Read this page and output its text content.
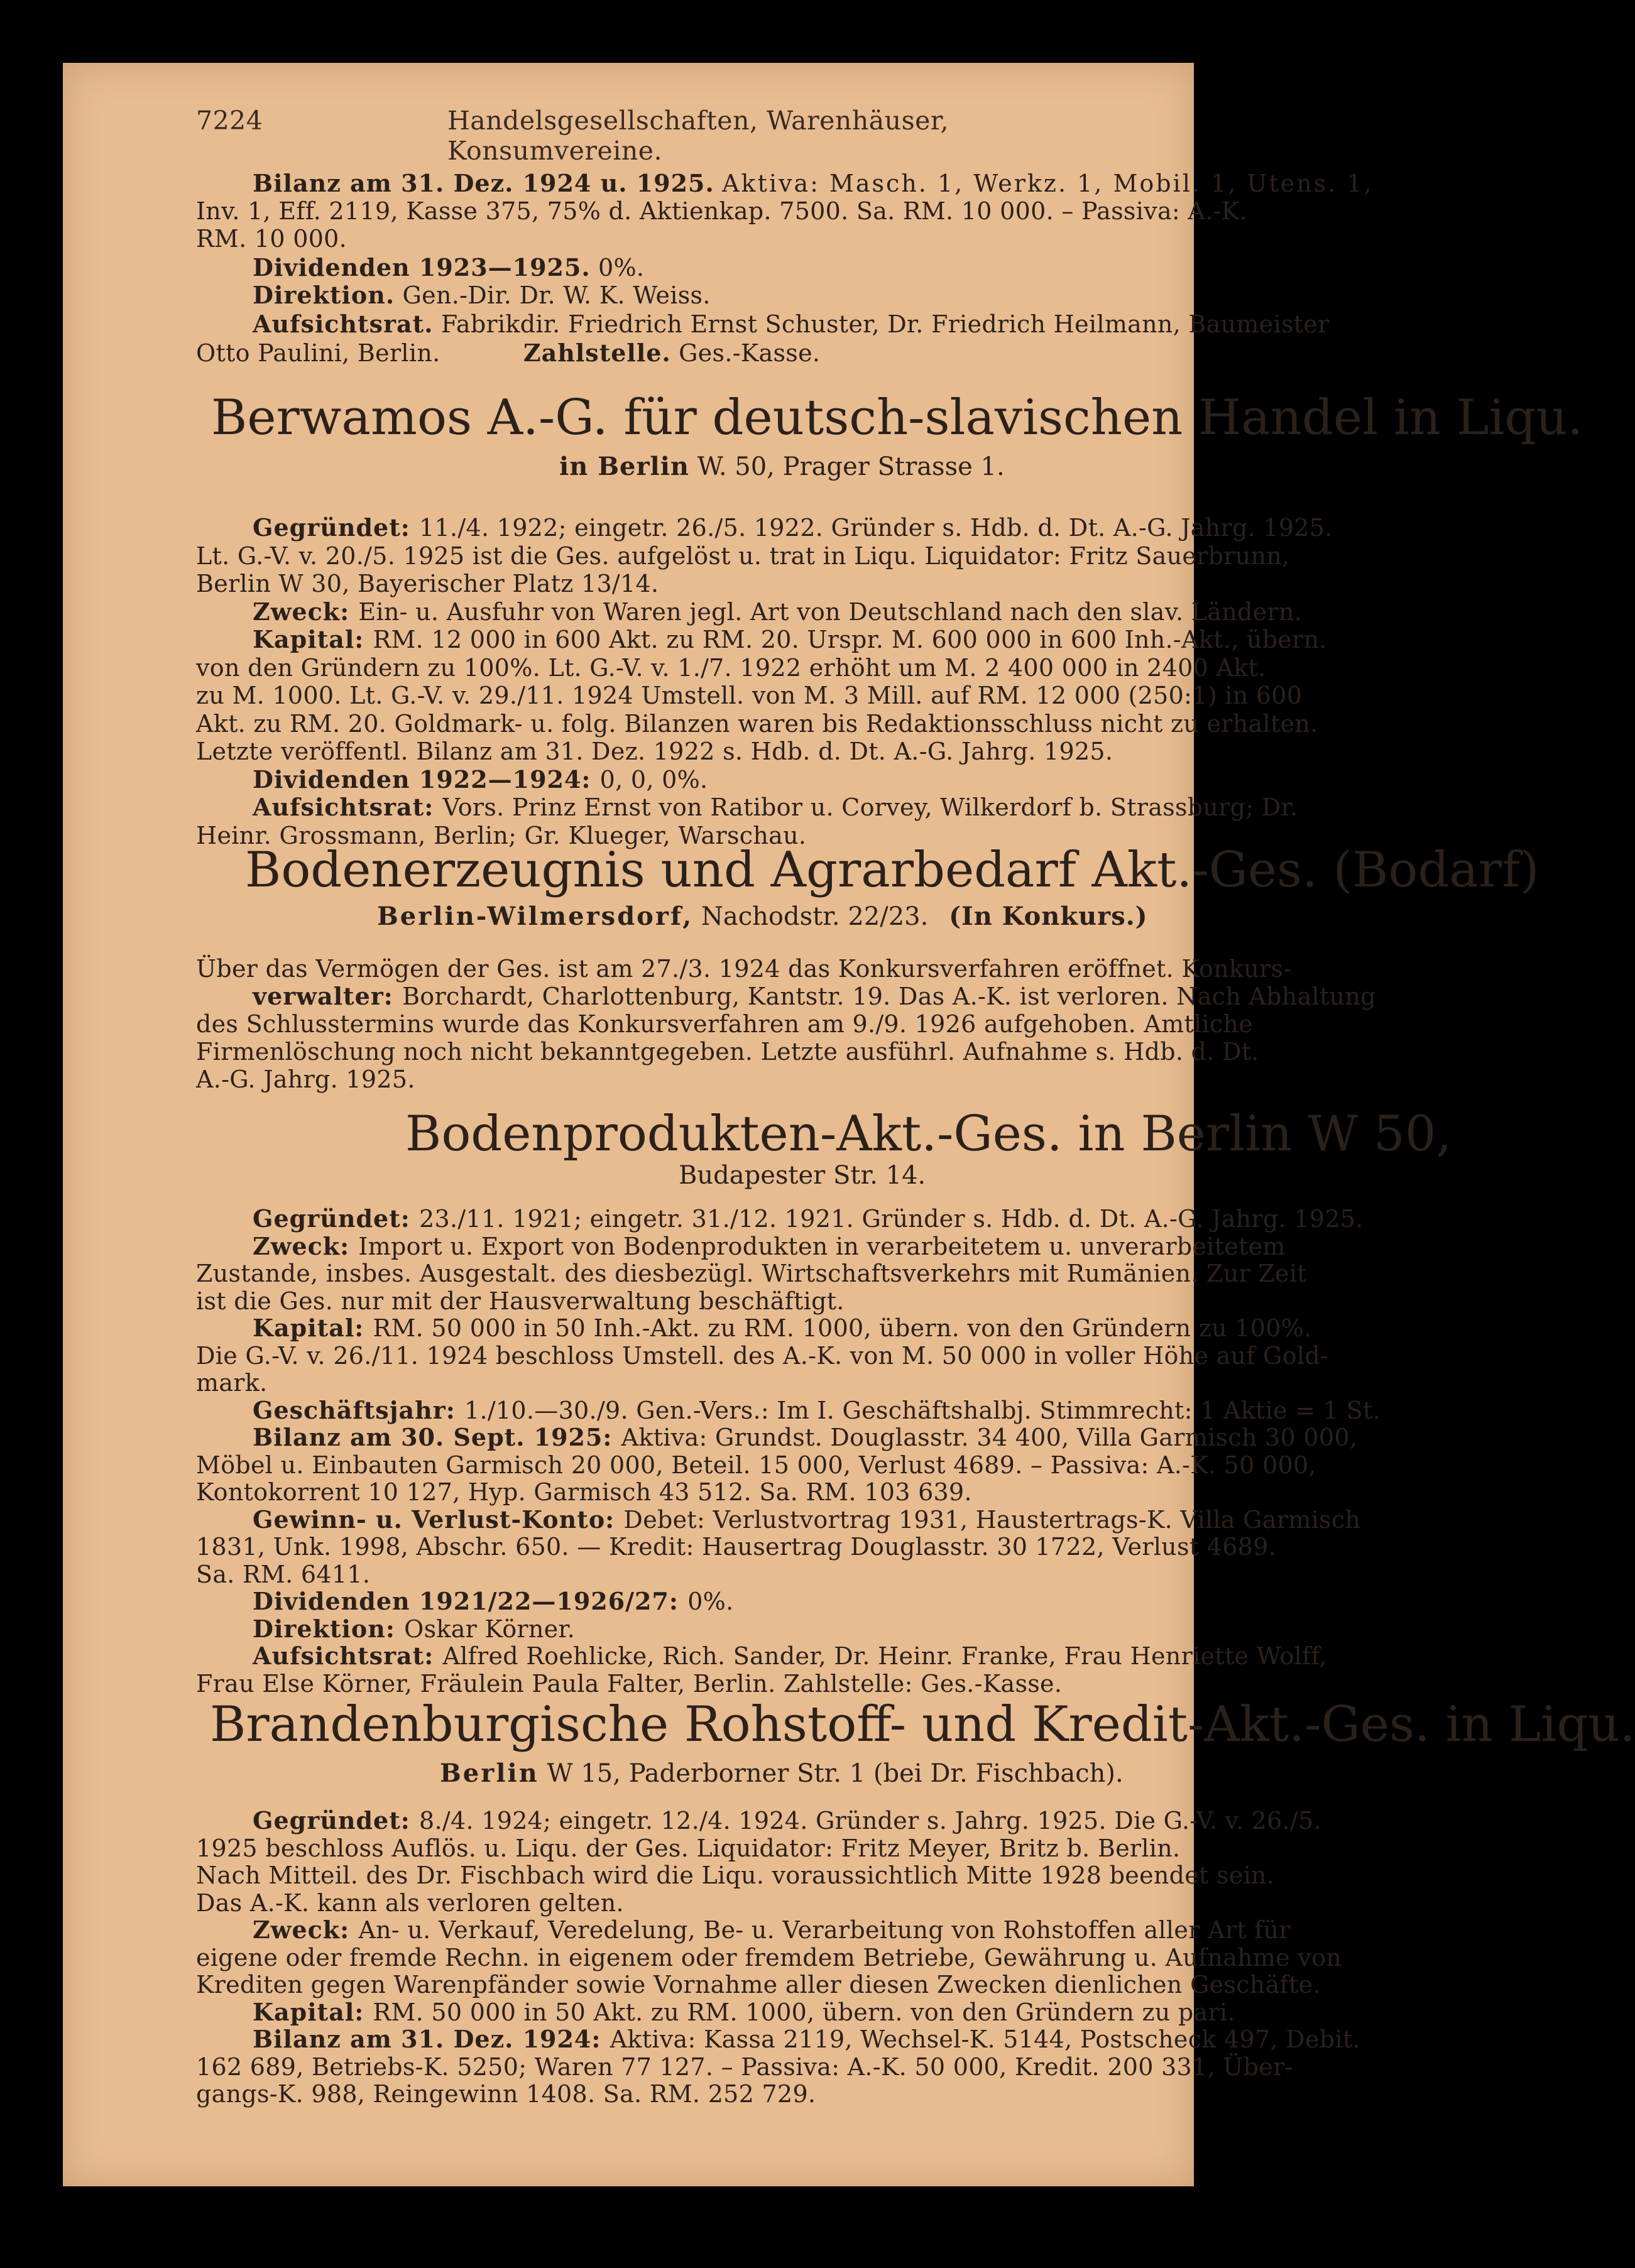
7224	Handelsgesellschaften, Warenhäuser, Konsumvereine.
Bilanz am 31. Dez. 1924 u. 1925. Aktiva: Masch. 1, Werkz. 1, Mobil. 1, Utens. 1,
Inv. 1, Eff. 2119, Kasse 375, 75% d. Aktienkap. 7500. Sa. RM. 10 000. – Passiva: A.-K.
RM. 10 000.
Dividenden 1923—1925. 0%.
Direktion. Gen.-Dir. Dr. W. K. Weiss.
Aufsichtsrat. Fabrikdir. Friedrich Ernst Schuster, Dr. Friedrich Heilmann, Baumeister
Otto Paulini, Berlin.	Zahlstelle. Ges.-Kasse.
Berwamos A.-G. für deutsch-slavischen Handel in Liqu.
in Berlin W. 50, Prager Strasse 1.
Gegründet: 11./4. 1922; eingetr. 26./5. 1922. Gründer s. Hdb. d. Dt. A.-G. Jahrg. 1925.
Lt. G.-V. v. 20./5. 1925 ist die Ges. aufgelöst u. trat in Liqu. Liquidator: Fritz Sauerbrunn,
Berlin W 30, Bayerischer Platz 13/14.
Zweck: Ein- u. Ausfuhr von Waren jegl. Art von Deutschland nach den slav. Ländern.
Kapital: RM. 12 000 in 600 Akt. zu RM. 20. Urspr. M. 600 000 in 600 Inh.-Akt., übern.
von den Gründern zu 100%. Lt. G.-V. v. 1./7. 1922 erhöht um M. 2 400 000 in 2400 Akt.
zu M. 1000. Lt. G.-V. v. 29./11. 1924 Umstell. von M. 3 Mill. auf RM. 12 000 (250:1) in 600
Akt. zu RM. 20. Goldmark- u. folg. Bilanzen waren bis Redaktionsschluss nicht zu erhalten.
Letzte veröffentl. Bilanz am 31. Dez. 1922 s. Hdb. d. Dt. A.-G. Jahrg. 1925.
Dividenden 1922—1924: 0, 0, 0%.
Aufsichtsrat: Vors. Prinz Ernst von Ratibor u. Corvey, Wilkerdorf b. Strassburg; Dr.
Heinr. Grossmann, Berlin; Gr. Klueger, Warschau.
Bodenerzeugnis und Agrarbedarf Akt.-Ges. (Bodarf)
Berlin-Wilmersdorf, Nachodstr. 22/23. (In Konkurs.)
Über das Vermögen der Ges. ist am 27./3. 1924 das Konkursverfahren eröffnet. Konkurs-
verwalter: Borchardt, Charlottenburg, Kantstr. 19. Das A.-K. ist verloren. Nach Abhaltung
des Schlusstermins wurde das Konkursverfahren am 9./9. 1926 aufgehoben. Amtliche
Firmenlöschung noch nicht bekanntgegeben. Letzte ausführl. Aufnahme s. Hdb. d. Dt.
A.-G. Jahrg. 1925.
Bodenprodukten-Akt.-Ges. in Berlin W 50,
Budapester Str. 14.
Gegründet: 23./11. 1921; eingetr. 31./12. 1921. Gründer s. Hdb. d. Dt. A.-G. Jahrg. 1925.
Zweck: Import u. Export von Bodenprodukten in verarbeitetem u. unverarbeitetem
Zustande, insbes. Ausgestalt. des diesbezügl. Wirtschaftsverkehrs mit Rumänien. Zur Zeit
ist die Ges. nur mit der Hausverwaltung beschäftigt.
Kapital: RM. 50 000 in 50 Inh.-Akt. zu RM. 1000, übern. von den Gründern zu 100%.
Die G.-V. v. 26./11. 1924 beschloss Umstell. des A.-K. von M. 50 000 in voller Höhe auf Gold-
mark.
Geschäftsjahr: 1./10.—30./9. Gen.-Vers.: Im I. Geschäftshalbj. Stimmrecht: 1 Aktie = 1 St.
Bilanz am 30. Sept. 1925: Aktiva: Grundst. Douglasstr. 34 400, Villa Garmisch 30 000,
Möbel u. Einbauten Garmisch 20 000, Beteil. 15 000, Verlust 4689. – Passiva: A.-K. 50 000,
Kontokorrent 10 127, Hyp. Garmisch 43 512. Sa. RM. 103 639.
Gewinn- u. Verlust-Konto: Debet: Verlustvortrag 1931, Haustertrags-K. Villa Garmisch
1831, Unk. 1998, Abschr. 650. — Kredit: Hausertrag Douglasstr. 30 1722, Verlust 4689.
Sa. RM. 6411.
Dividenden 1921/22—1926/27: 0%.
Direktion: Oskar Körner.
Aufsichtsrat: Alfred Roehlicke, Rich. Sander, Dr. Heinr. Franke, Frau Henriette Wolff,
Frau Else Körner, Fräulein Paula Falter, Berlin. Zahlstelle: Ges.-Kasse.
Brandenburgische Rohstoff- und Kredit-Akt.-Ges. in Liqu.
Berlin W 15, Paderborner Str. 1 (bei Dr. Fischbach).
Gegründet: 8./4. 1924; eingetr. 12./4. 1924. Gründer s. Jahrg. 1925. Die G.-V. v. 26./5.
1925 beschloss Auflös. u. Liqu. der Ges. Liquidator: Fritz Meyer, Britz b. Berlin.
Nach Mitteil. des Dr. Fischbach wird die Liqu. voraussichtlich Mitte 1928 beendet sein.
Das A.-K. kann als verloren gelten.
Zweck: An- u. Verkauf, Veredelung, Be- u. Verarbeitung von Rohstoffen aller Art für
eigene oder fremde Rechn. in eigenem oder fremdem Betriebe, Gewährung u. Aufnahme von
Krediten gegen Warenpfänder sowie Vornahme aller diesen Zwecken dienlichen Geschäfte.
Kapital: RM. 50 000 in 50 Akt. zu RM. 1000, übern. von den Gründern zu pari.
Bilanz am 31. Dez. 1924: Aktiva: Kassa 2119, Wechsel-K. 5144, Postscheck 497, Debit.
162 689, Betriebs-K. 5250; Waren 77 127. – Passiva: A.-K. 50 000, Kredit. 200 331, Über-
gangs-K. 988, Reingewinn 1408. Sa. RM. 252 729.
